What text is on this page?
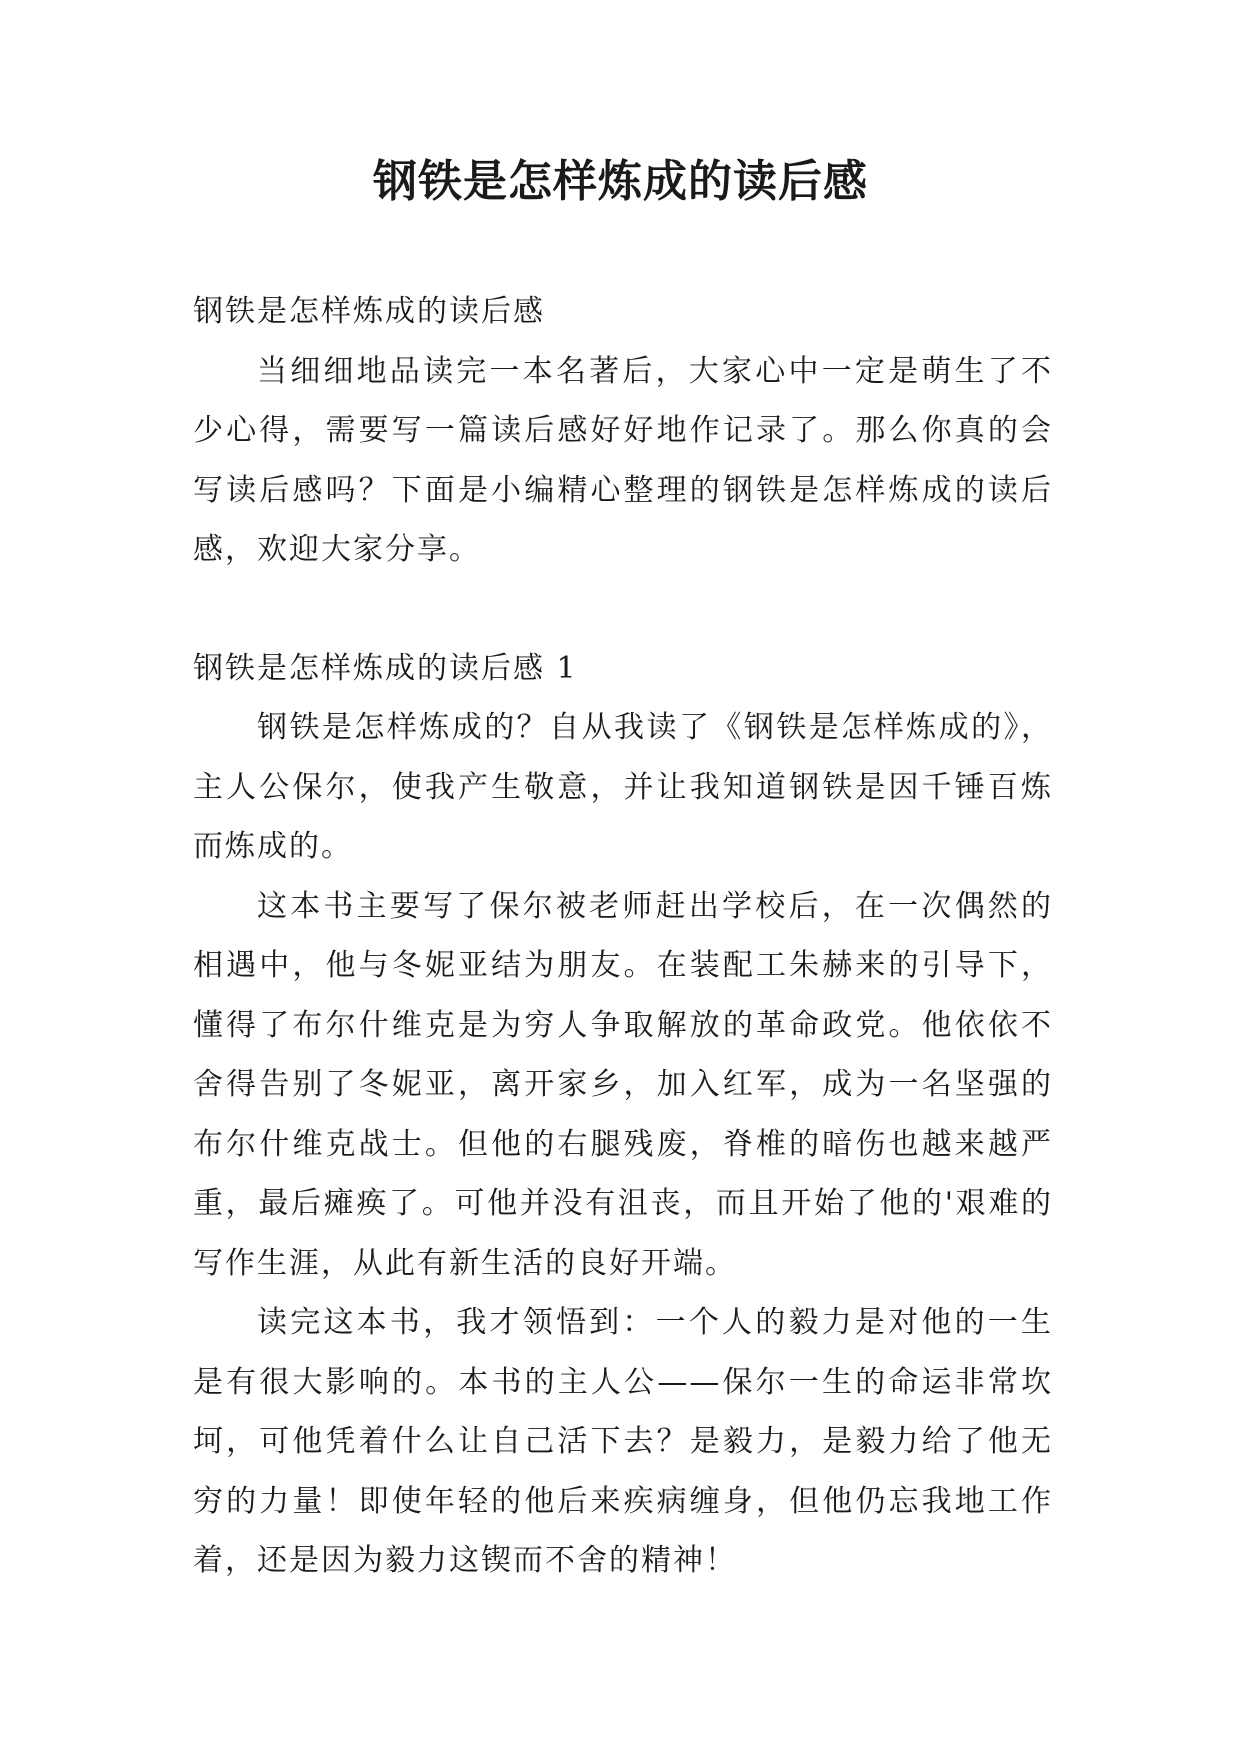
钢铁是怎样炼成的读后感

钢铁是怎样炼成的读后感

当细细地品读完一本名著后，大家心中一定是萌生了不少心得，需要写一篇读后感好好地作记录了。那么你真的会写读后感吗？下面是小编精心整理的钢铁是怎样炼成的读后感，欢迎大家分享。

钢铁是怎样炼成的读后感 1

钢铁是怎样炼成的？自从我读了《钢铁是怎样炼成的》，主人公保尔，使我产生敬意，并让我知道钢铁是因千锤百炼而炼成的。

这本书主要写了保尔被老师赶出学校后，在一次偶然的相遇中，他与冬妮亚结为朋友。在装配工朱赫来的引导下，懂得了布尔什维克是为穷人争取解放的革命政党。他依依不舍得告别了冬妮亚，离开家乡，加入红军，成为一名坚强的布尔什维克战士。但他的右腿残废，脊椎的暗伤也越来越严重，最后瘫痪了。可他并没有沮丧，而且开始了他的'艰难的写作生涯，从此有新生活的良好开端。

读完这本书，我才领悟到：一个人的毅力是对他的一生是有很大影响的。本书的主人公——保尔一生的命运非常坎坷，可他凭着什么让自己活下去？是毅力，是毅力给了他无穷的力量！即使年轻的他后来疾病缠身，但他仍忘我地工作着，还是因为毅力这锲而不舍的精神！
